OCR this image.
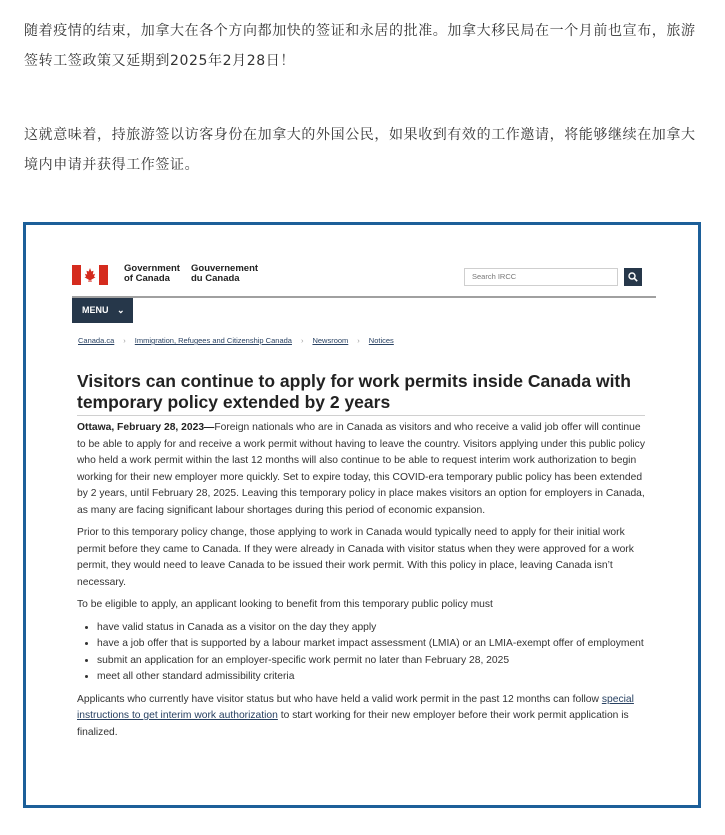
随着疫情的结束，加拿大在各个方向都加快的签证和永居的批准。加拿大移民局在一个月前也宣布，旅游签转工签政策又延期到2025年2月28日！

这就意味着，持旅游签以访客身份在加拿大的外国公民，如果收到有效的工作邀请，将能够继续在加拿大境内申请并获得工作签证。

Government
of Canada
Gouvernement
du Canada	Search IRCC
MENU ⌄
Canada.ca › Immigration, Refugees and Citizenship Canada › Newsroom › Notices
Visitors can continue to apply for work permits inside Canada with temporary policy extended by 2 years

Ottawa, February 28, 2023—Foreign nationals who are in Canada as visitors and who receive a valid job offer will continue to be able to apply for and receive a work permit without having to leave the country. Visitors applying under this public policy who held a work permit within the last 12 months will also continue to be able to request interim work authorization to begin working for their new employer more quickly. Set to expire today, this COVID-era temporary public policy has been extended by 2 years, until February 28, 2025. Leaving this temporary policy in place makes visitors an option for employers in Canada, as many are facing significant labour shortages during this period of economic expansion.

Prior to this temporary policy change, those applying to work in Canada would typically need to apply for their initial work permit before they came to Canada. If they were already in Canada with visitor status when they were approved for a work permit, they would need to leave Canada to be issued their work permit. With this policy in place, leaving Canada isn’t necessary.

To be eligible to apply, an applicant looking to benefit from this temporary public policy must

• have valid status in Canada as a visitor on the day they apply
• have a job offer that is supported by a labour market impact assessment (LMIA) or an LMIA-exempt offer of employment
• submit an application for an employer-specific work permit no later than February 28, 2025
• meet all other standard admissibility criteria

Applicants who currently have visitor status but who have held a valid work permit in the past 12 months can follow special instructions to get interim work authorization to start working for their new employer before their work permit application is finalized.
